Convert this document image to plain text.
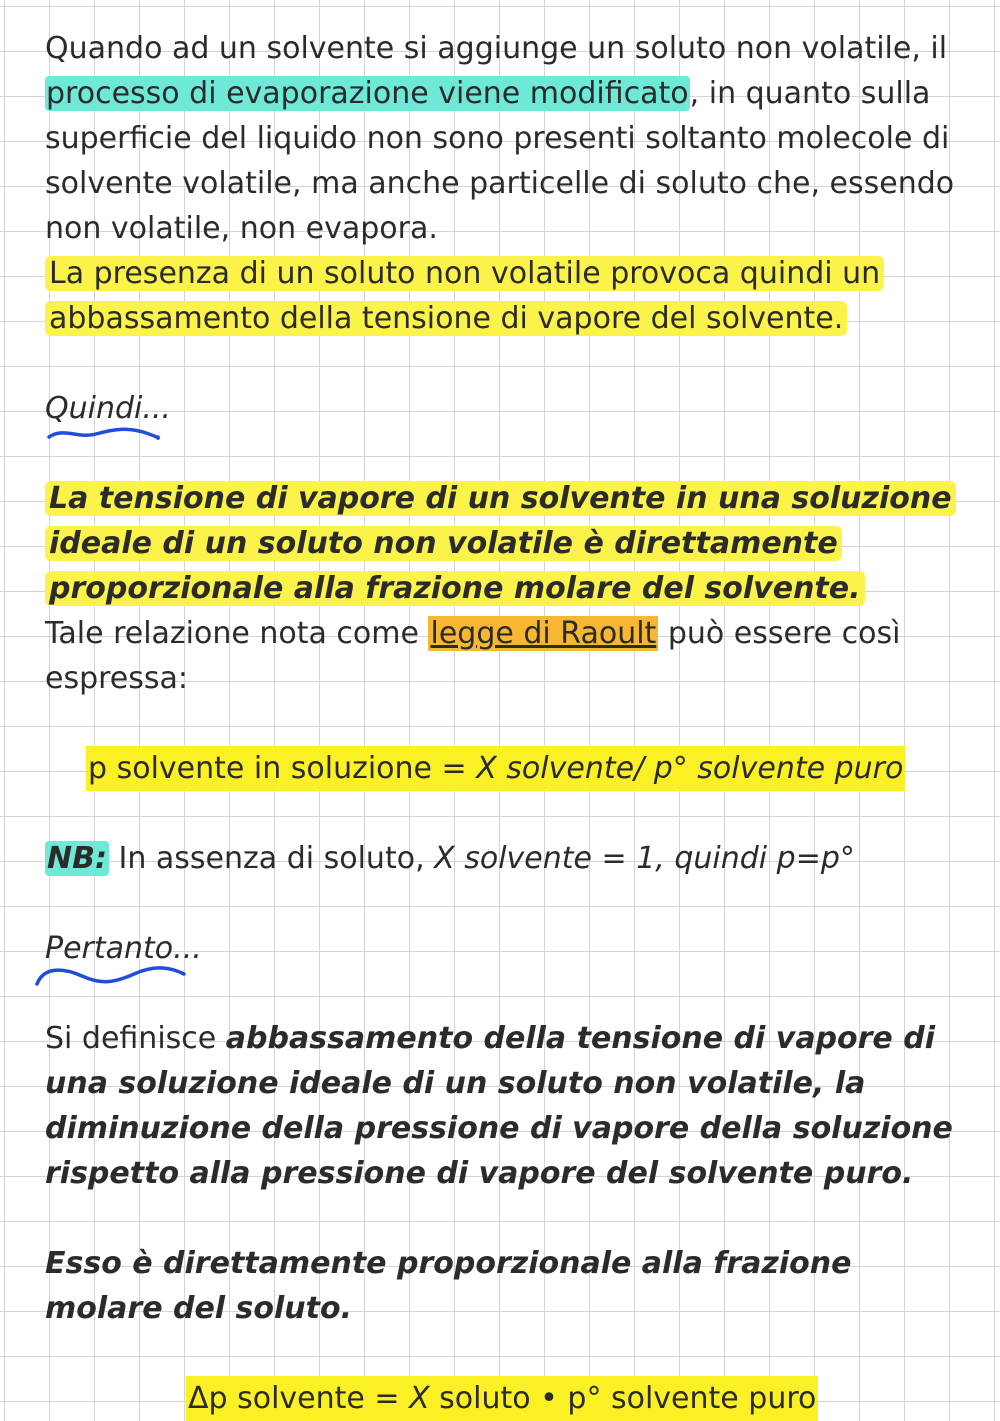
Quando ad un solvente si aggiunge un soluto non volatile, il processo di evaporazione viene modificato, in quanto sulla superficie del liquido non sono presenti soltanto molecole di solvente volatile, ma anche particelle di soluto che, essendo non volatile, non evapora.
La presenza di un soluto non volatile provoca quindi un abbassamento della tensione di vapore del solvente.
Quindi...
La tensione di vapore di un solvente in una soluzione ideale di un soluto non volatile è direttamente proporzionale alla frazione molare del solvente.
Tale relazione nota come legge di Raoult può essere così espressa:
p solvente in soluzione = X solvente/ p° solvente puro
NB: In assenza di soluto, X solvente = 1, quindi p=p°
Pertanto...
Si definisce abbassamento della tensione di vapore di una soluzione ideale di un soluto non volatile, la diminuzione della pressione di vapore della soluzione rispetto alla pressione di vapore del solvente puro.
Esso è direttamente proporzionale alla frazione molare del soluto.
Δp solvente = X soluto • p° solvente puro
